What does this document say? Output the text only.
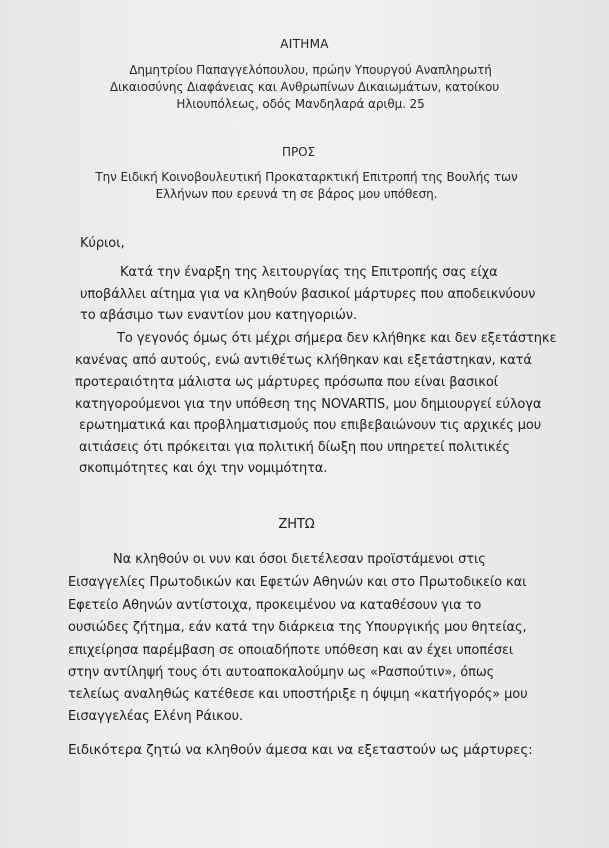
ΑΙΤΗΜΑ
Δημητρίου Παπαγγελόπουλου, πρώην Υπουργού Αναπληρωτή
Δικαιοσύνης Διαφάνειας και Ανθρωπίνων Δικαιωμάτων, κατοίκου
Ηλιουπόλεως, οδός Μανδηλαρά αριθμ. 25
ΠΡΟΣ
Την Ειδική Κοινοβουλευτική Προκαταρκτική Επιτροπή της Βουλής των
Ελλήνων που ερευνά τη σε βάρος μου υπόθεση.
Κύριοι,
Κατά την έναρξη της λειτουργίας της Επιτροπής σας είχα
υποβάλλει αίτημα για να κληθούν βασικοί μάρτυρες που αποδεικνύουν
το αβάσιμο των εναντίον μου κατηγοριών.
Το γεγονός όμως ότι μέχρι σήμερα δεν κλήθηκε και δεν εξετάστηκε
κανένας από αυτούς, ενώ αντιθέτως κλήθηκαν και εξετάστηκαν, κατά
προτεραιότητα μάλιστα ως μάρτυρες πρόσωπα που είναι βασικοί
κατηγορούμενοι για την υπόθεση της NOVARTIS, μου δημιουργεί εύλογα
ερωτηματικά και προβληματισμούς που επιβεβαιώνουν τις αρχικές μου
αιτιάσεις ότι πρόκειται για πολιτική δίωξη που υπηρετεί πολιτικές
σκοπιμότητες και όχι την νομιμότητα.
ΖΗΤΩ
Να κληθούν οι νυν και όσοι διετέλεσαν προϊστάμενοι στις
Εισαγγελίες Πρωτοδικών και Εφετών Αθηνών και στο Πρωτοδικείο και
Εφετείο Αθηνών αντίστοιχα, προκειμένου να καταθέσουν για το
ουσιώδες ζήτημα, εάν κατά την διάρκεια της Υπουργικής μου θητείας,
επιχείρησα παρέμβαση σε οποιαδήποτε υπόθεση και αν έχει υποπέσει
στην αντίληψή τους ότι αυτοαποκαλούμην ως «Ρασπούτιν», όπως
τελείως αναληθώς κατέθεσε και υποστήριξε η όψιμη «κατήγορός» μου
Εισαγγελέας Ελένη Ράικου.
Ειδικότερα ζητώ να κληθούν άμεσα και να εξεταστούν ως μάρτυρες:
